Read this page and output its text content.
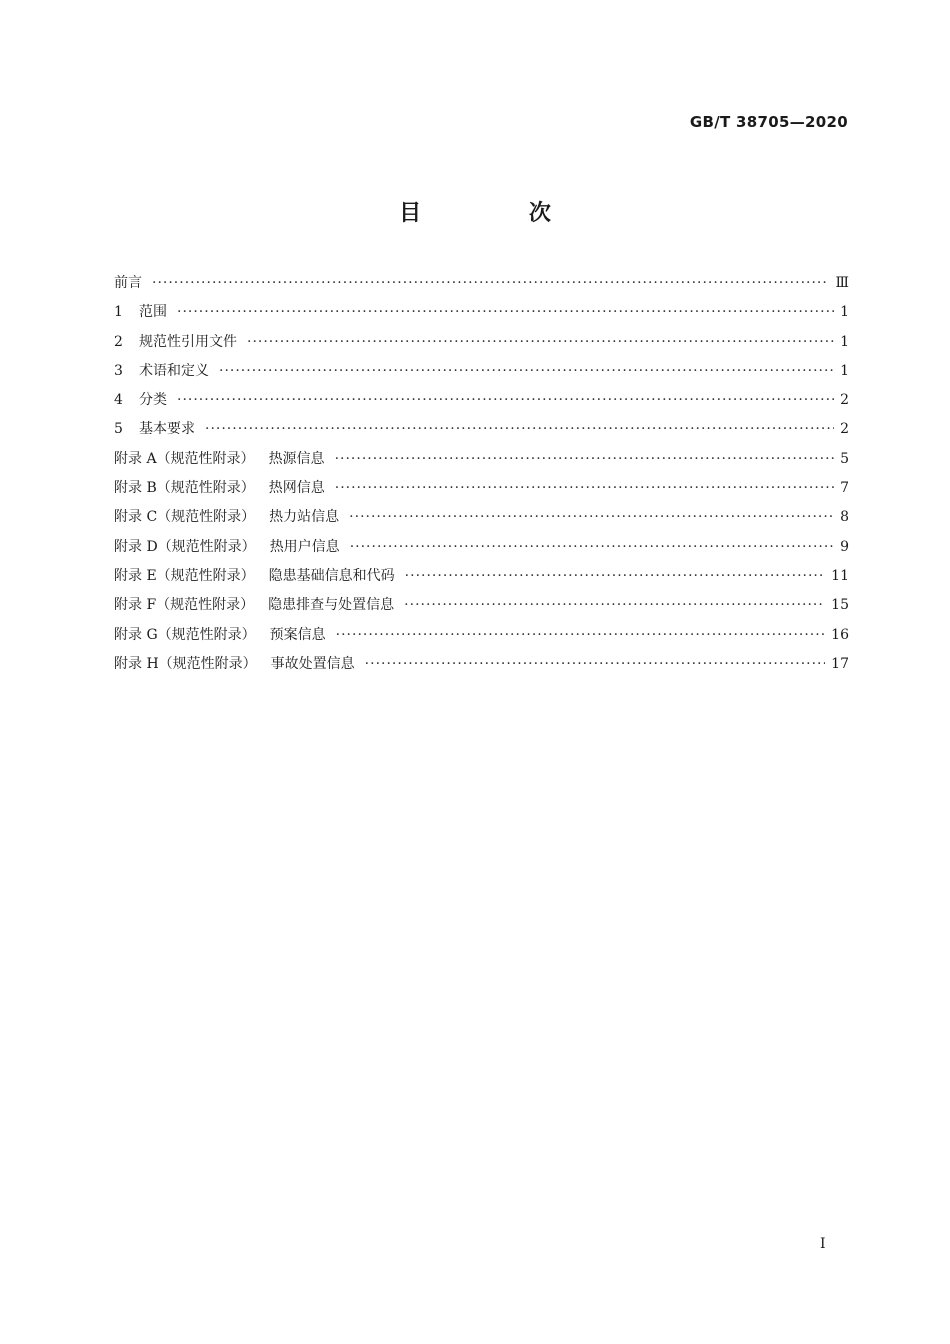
GB/T 38705—2020
目 次
前言 ·····	Ⅲ
1	范围 ·····	1
2	规范性引用文件 ·····	1
3	术语和定义 ·····	1
4	分类 ·····	2
5	基本要求 ·····	2
附录 A （规范性附录） 热源信息 ·····	5
附录 B （规范性附录） 热网信息 ·····	7
附录 C （规范性附录） 热力站信息 ·····	8
附录 D （规范性附录） 热用户信息 ·····	9
附录 E （规范性附录） 隐患基础信息和代码 ·····	11
附录 F （规范性附录） 隐患排查与处置信息 ·····	15
附录 G （规范性附录） 预案信息 ·····	16
附录 H （规范性附录） 事故处置信息 ·····	17
I
